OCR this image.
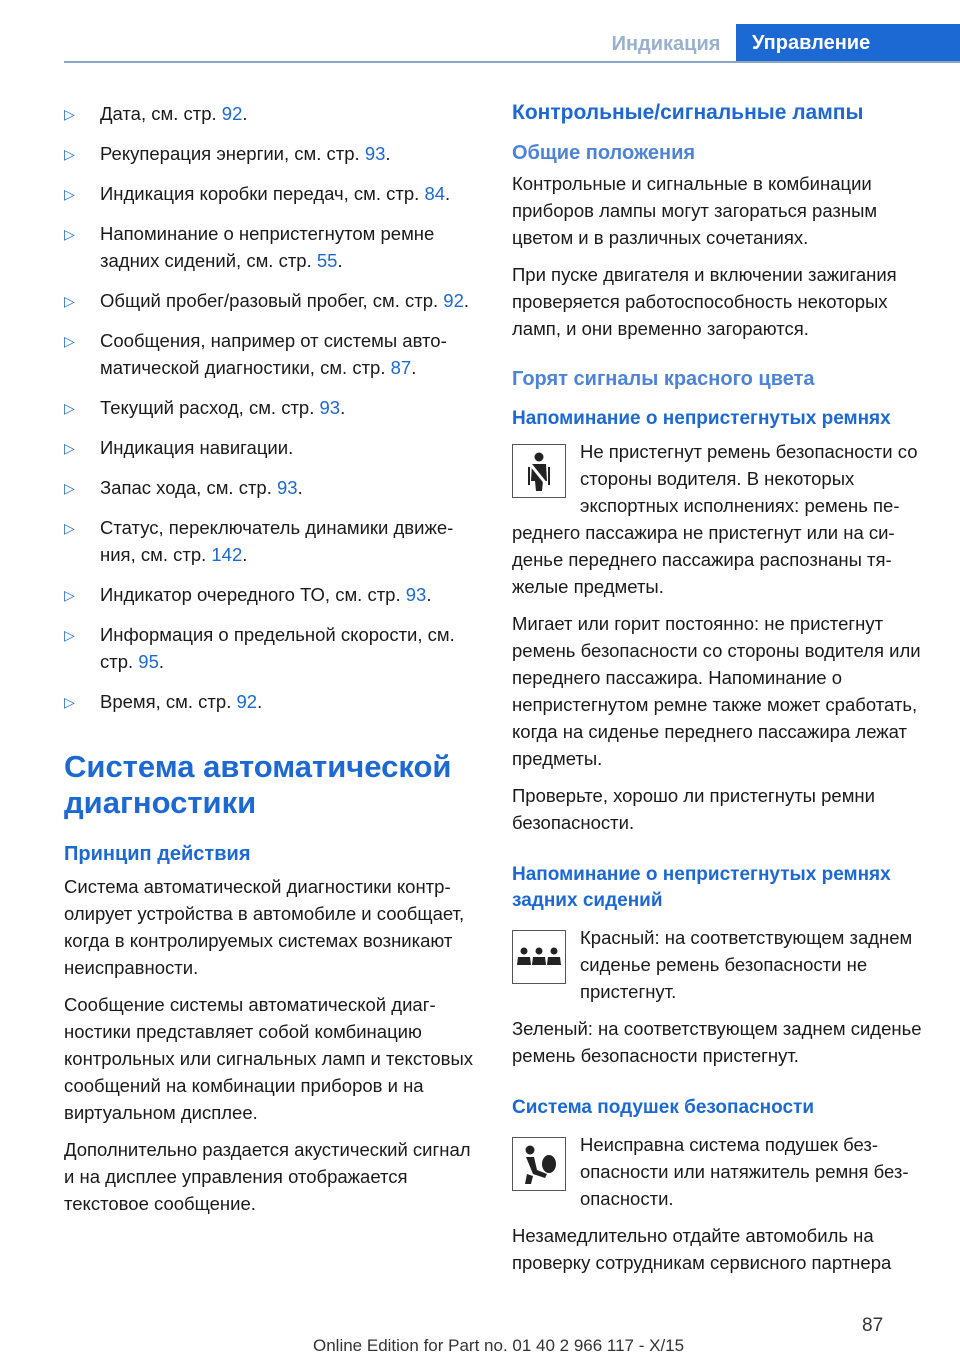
Индикация	Управление
▷ Дата, см. стр. 92.
▷ Рекуперация энергии, см. стр. 93.
▷ Индикация коробки передач, см. стр. 84.
▷ Напоминание о непристегнутом ремне задних сидений, см. стр. 55.
▷ Общий пробег/разовый пробег, см. стр. 92.
▷ Сообщения, например от системы автоматической диагностики, см. стр. 87.
▷ Текущий расход, см. стр. 93.
▷ Индикация навигации.
▷ Запас хода, см. стр. 93.
▷ Статус, переключатель динамики движения, см. стр. 142.
▷ Индикатор очередного ТО, см. стр. 93.
▷ Информация о предельной скорости, см. стр. 95.
▷ Время, см. стр. 92.
Система автоматической диагностики
Принцип действия

Система автоматической диагностики контролирует устройства в автомобиле и сообщает, когда в контролируемых системах возникают неисправности.

Сообщение системы автоматической диагностики представляет собой комбинацию контрольных или сигнальных ламп и текстовых сообщений на комбинации приборов и на виртуальном дисплее.

Дополнительно раздается акустический сигнал и на дисплее управления отображается текстовое сообщение.

Контрольные/сигнальные лампы
Общие положения

Контрольные и сигнальные в комбинации приборов лампы могут загораться разным цветом и в различных сочетаниях.

При пуске двигателя и включении зажигания проверяется работоспособность некоторых ламп, и они временно загораются.

Горят сигналы красного цвета
Напоминание о непристегнутых ремнях

Не пристегнут ремень безопасности со стороны водителя. В некоторых экспортных исполнениях: ремень переднего пассажира не пристегнут или на сиденье переднего пассажира распознаны тяжелые предметы.

Мигает или горит постоянно: не пристегнут ремень безопасности со стороны водителя или переднего пассажира. Напоминание о непристегнутом ремне также может сработать, когда на сиденье переднего пассажира лежат предметы.

Проверьте, хорошо ли пристегнуты ремни безопасности.

Напоминание о непристегнутых ремнях задних сидений

Красный: на соответствующем заднем сиденье ремень безопасности не пристегнут.

Зеленый: на соответствующем заднем сиденье ремень безопасности пристегнут.

Система подушек безопасности

Неисправна система подушек безопасности или натяжитель ремня безопасности.

Незамедлительно отдайте автомобиль на проверку сотрудникам сервисного партнера

87
Online Edition for Part no. 01 40 2 966 117 - X/15
